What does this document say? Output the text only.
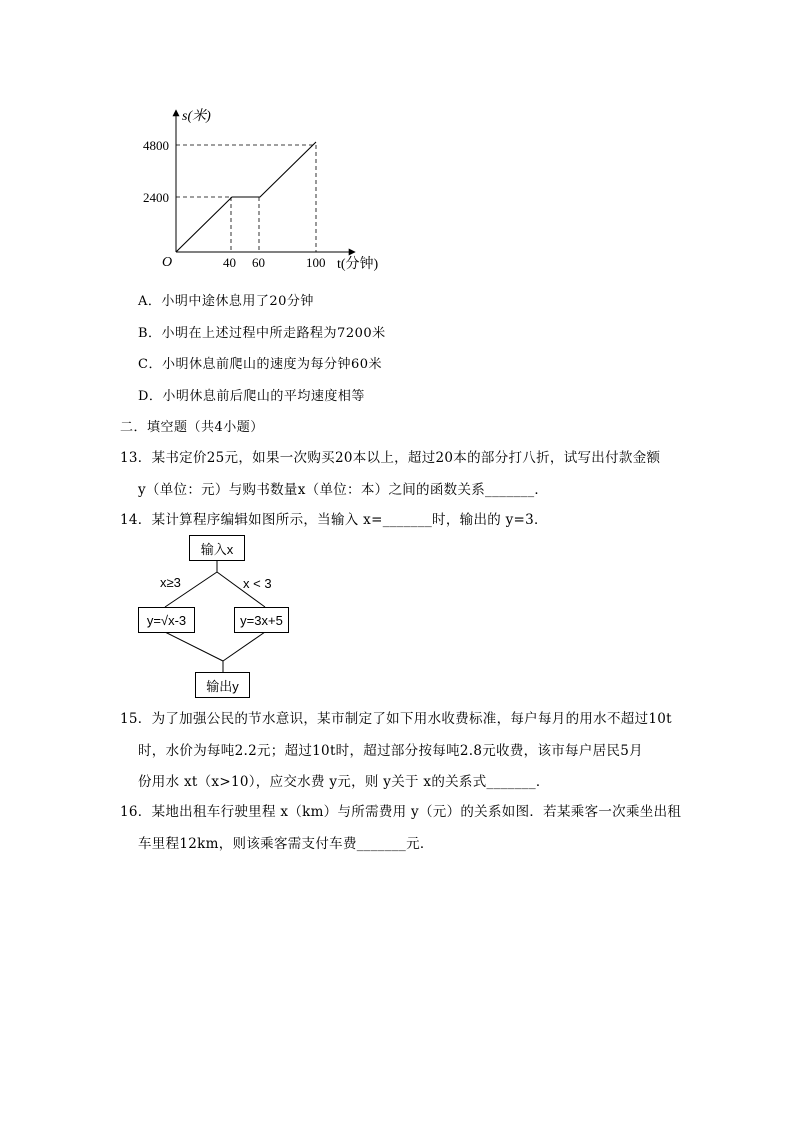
s(米)
4800
2400
O	40 60	100 t(分钟)
A．小明中途休息用了20分钟
B．小明在上述过程中所走路程为7200米
C．小明休息前爬山的速度为每分钟60米
D．小明休息前后爬山的平均速度相等
二．填空题（共4小题）
13．某书定价25元，如果一次购买20本以上，超过20本的部分打八折，试写出付款金额
y（单位：元）与购书数量x（单位：本）之间的函数关系_______．
14．某计算程序编辑如图所示，当输入 x=_______时，输出的 y=3．
输入x
x≥3	x < 3
y=√x-3	y=3x+5
输出y
15．为了加强公民的节水意识，某市制定了如下用水收费标准，每户每月的用水不超过10t
时，水价为每吨2.2元；超过10t时，超过部分按每吨2.8元收费，该市每户居民5月
份用水 xt（x>10），应交水费 y元，则 y关于 x的关系式_______．
16．某地出租车行驶里程 x（km）与所需费用 y（元）的关系如图．若某乘客一次乘坐出租
车里程12km，则该乘客需支付车费_______元．
